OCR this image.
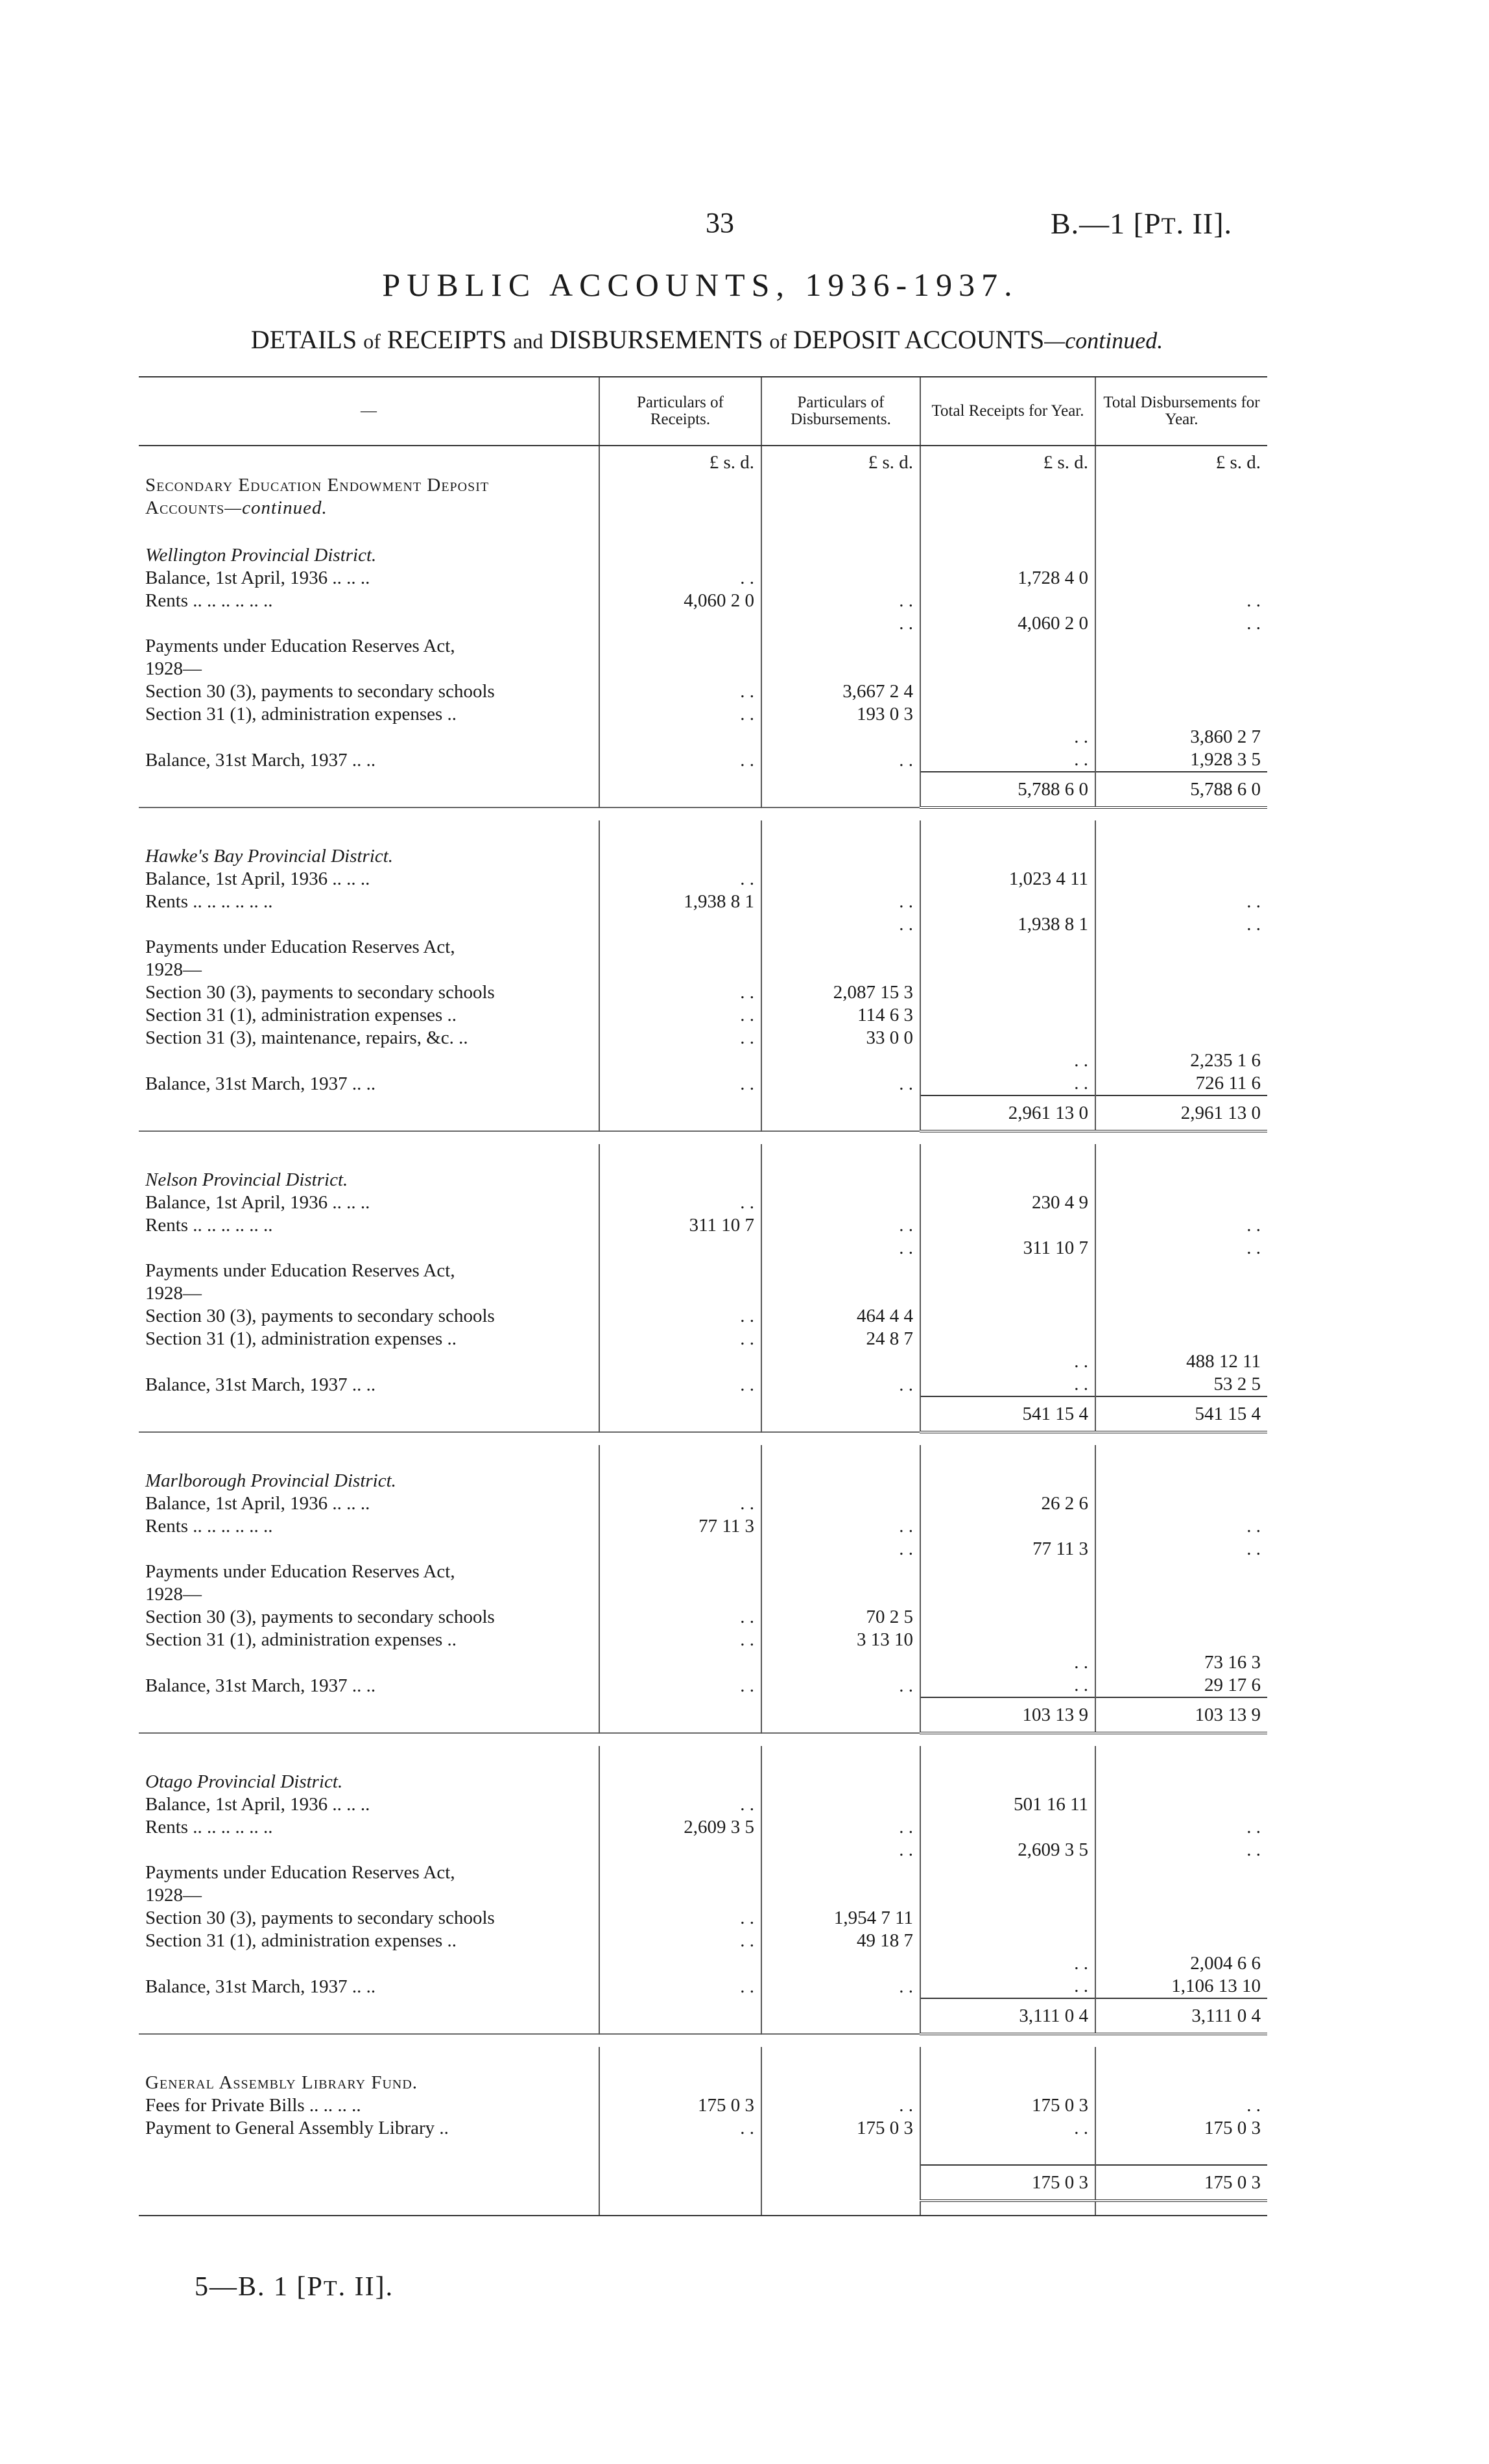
33	B.—1 [PT. II].
PUBLIC ACCOUNTS, 1936-1937.
DETAILS of RECEIPTS and DISBURSEMENTS of DEPOSIT ACCOUNTS—continued.
—	Particulars of Receipts.	Particulars of Disbursements.	Total Receipts for Year.	Total Disbursements for Year.
	£ s. d.	£ s. d.	£ s. d.	£ s. d.
Secondary Education Endowment Deposit				
Accounts—continued.				

Wellington Provincial District.				
Balance, 1st April, 1936 .. .. ..	. .		1,728 4 0	
Rents .. .. .. .. .. ..	4,060 2 0	. .		. .
		. .	4,060 2 0	. .
Payments under Education Reserves Act,				
1928—				
Section 30 (3), payments to secondary schools	. .	3,667 2 4		
Section 31 (1), administration expenses ..	. .	193 0 3		
			. .	3,860 2 7
Balance, 31st March, 1937 .. ..	. .	. .	. .	1,928 3 5
			5,788 6 0	5,788 6 0

Hawke's Bay Provincial District.				
Balance, 1st April, 1936 .. .. ..	. .		1,023 4 11	
Rents .. .. .. .. .. ..	1,938 8 1	. .		. .
		. .	1,938 8 1	. .
Payments under Education Reserves Act,				
1928—				
Section 30 (3), payments to secondary schools	. .	2,087 15 3		
Section 31 (1), administration expenses ..	. .	114 6 3		
Section 31 (3), maintenance, repairs, &c. ..	. .	33 0 0		
			. .	2,235 1 6
Balance, 31st March, 1937 .. ..	. .	. .	. .	726 11 6
			2,961 13 0	2,961 13 0

Nelson Provincial District.				
Balance, 1st April, 1936 .. .. ..	. .		230 4 9	
Rents .. .. .. .. .. ..	311 10 7	. .		. .
		. .	311 10 7	. .
Payments under Education Reserves Act,				
1928—				
Section 30 (3), payments to secondary schools	. .	464 4 4		
Section 31 (1), administration expenses ..	. .	24 8 7		
			. .	488 12 11
Balance, 31st March, 1937 .. ..	. .	. .	. .	53 2 5
			541 15 4	541 15 4

Marlborough Provincial District.				
Balance, 1st April, 1936 .. .. ..	. .		26 2 6	
Rents .. .. .. .. .. ..	77 11 3	. .		. .
		. .	77 11 3	. .
Payments under Education Reserves Act,				
1928—				
Section 30 (3), payments to secondary schools	. .	70 2 5		
Section 31 (1), administration expenses ..	. .	3 13 10		
			. .	73 16 3
Balance, 31st March, 1937 .. ..	. .	. .	. .	29 17 6
			103 13 9	103 13 9

Otago Provincial District.				
Balance, 1st April, 1936 .. .. ..	. .		501 16 11	
Rents .. .. .. .. .. ..	2,609 3 5	. .		. .
		. .	2,609 3 5	. .
Payments under Education Reserves Act,				
1928—				
Section 30 (3), payments to secondary schools	. .	1,954 7 11		
Section 31 (1), administration expenses ..	. .	49 18 7		
			. .	2,004 6 6
Balance, 31st March, 1937 .. ..	. .	. .	. .	1,106 13 10
			3,111 0 4	3,111 0 4

General Assembly Library Fund.				
Fees for Private Bills .. .. .. ..	175 0 3	. .	175 0 3	. .
Payment to General Assembly Library ..	. .	175 0 3	. .	175 0 3

			175 0 3	175 0 3

5—B. 1 [PT. II].
